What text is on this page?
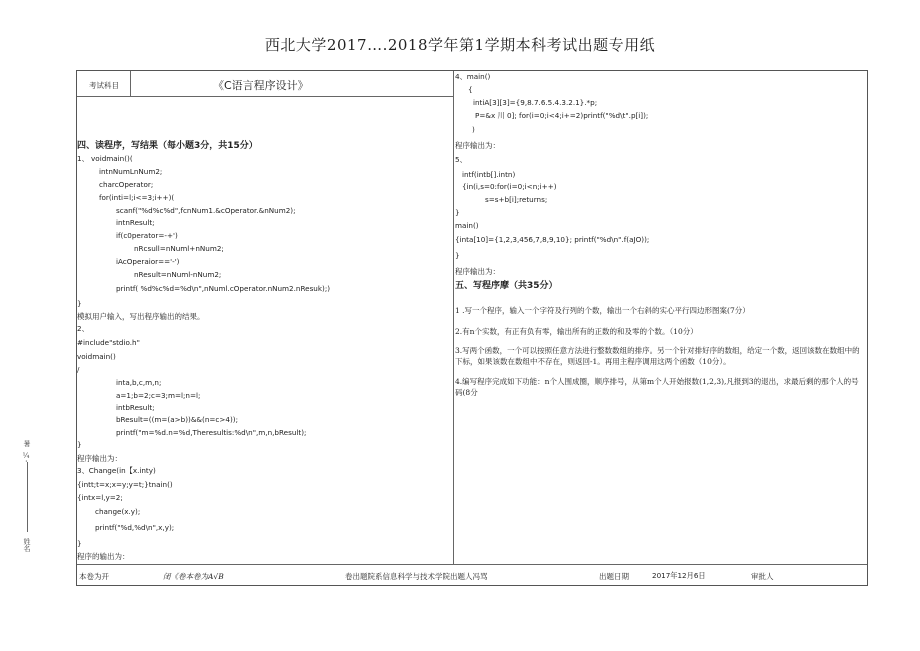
西北大学2017….2018学年第1学期本科考试出题专用纸
暑
¼-
姓名
考试科目	《C语言程序设计》
四、读程序，写结果（每小题3分，共15分）
1、 voidmain()(
intnNumLnNum2;
charcOperator;
for(inti=l;i<=3;i++)(
scanf("%d%c%d",fcnNum1.&cOperator.&nNum2);
intnResult;
if(c0perator=-+')
nRcsull=nNuml+nNum2;
iAcOperaior=='-')
nResult=nNuml-nNum2;
printf( %d%c%d=%d\n",nNuml.cOperator.nNum2.nResuk);)
}
模拟用户输入，写出程序输出的结果。
2、
#include"stdio.h"
voidmain()
/
inta,b,c,m,n;
a=1;b=2;c=3;m=l;n=l;
intbResult;
bResult=((m=(a>b))&&(n=c>4));
printf("m=%d.n=%d,Theresultis:%d\n",m,n,bResult);
}
程序输出为：
3、Change(in【x.inty)
{intt;t=x;x=y;y=t;}tnain()
{intx=l,y=2;
change(x.y);
printf("%d,%d\n",x,y);
}
程序的输出为：
4、main()
{
intiA[3][3]={9,8.7.6.5.4.3.2.1}.*p;
P=&x 川 0]; for(i=0;i<4;i+=2)printf("%d\t".p[i]);
)
程序输出为：
5、
intf(intb[].intn)
{in(i,s=0:for(i=0;i<n;i++)
s=s+b[i];returns;
}
main()
{inta[10]={1,2,3,456,7,8,9,10}; printf("%d\n".f(aJO));
}
程序输出为：
五、写程序摩（共35分）
1 .写一个程序，输入一个字符及行列的个数，输出一个右斜的实心平行四边形图案(7分）
2.有n个实数，有正有负有零，输出所有的正数的和及零的个数。（10分）
3.写两个函数，一个可以按照任意方法进行整数数组的排序。另一个针对排好序的数组，给定一个数，返回该数在数组中的下标，如果该数在数组中不存在，则返回-1。再用主程序调用这两个函数（10分）。
4.编写程序完成如下功能：n个人围成圈，顺序排号，从第m个人开始报数(1,2,3),凡报到3的退出，求最后剩的那个人的号码(8分
本卷为开	闭《卷本卷为A√B	卷出题院系信息科学与技术学院出题人冯骂	出题日期	2017年12月6日	审批人
